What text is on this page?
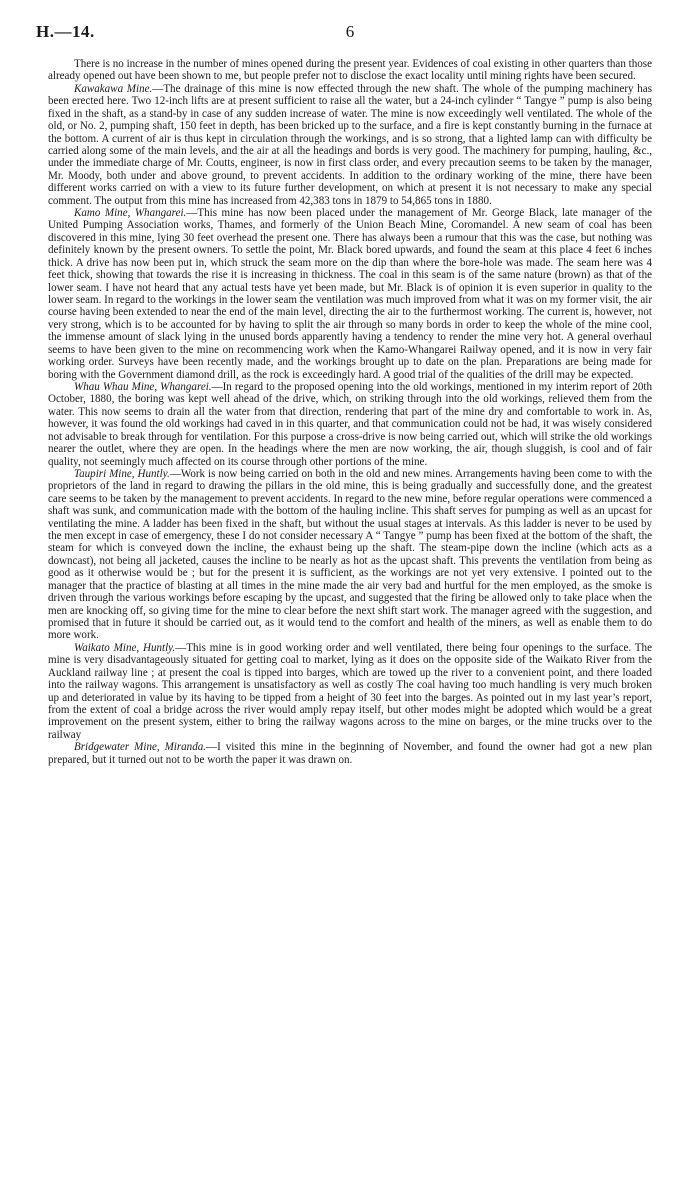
H.—14.	6

There is no increase in the number of mines opened during the present year. Evidences of coal existing in other quarters than those already opened out have been shown to me, but people prefer not to disclose the exact locality until mining rights have been secured.

Kawakawa Mine.—The drainage of this mine is now effected through the new shaft. The whole of the pumping machinery has been erected here. Two 12-inch lifts are at present sufficient to raise all the water, but a 24-inch cylinder “ Tangye ” pump is also being fixed in the shaft, as a stand-by in case of any sudden increase of water. The mine is now exceedingly well ventilated. The whole of the old, or No. 2, pumping shaft, 150 feet in depth, has been bricked up to the surface, and a fire is kept constantly burning in the furnace at the bottom. A current of air is thus kept in circulation through the workings, and is so strong, that a lighted lamp can with difficulty be carried along some of the main levels, and the air at all the headings and bords is very good. The machinery for pumping, hauling, &c., under the immediate charge of Mr. Coutts, engineer, is now in first class order, and every precaution seems to be taken by the manager, Mr. Moody, both under and above ground, to prevent accidents. In addition to the ordinary working of the mine, there have been different works carried on with a view to its future further development, on which at present it is not necessary to make any special comment. The output from this mine has increased from 42,383 tons in 1879 to 54,865 tons in 1880.

Kamo Mine, Whangarei.—This mine has now been placed under the management of Mr. George Black, late manager of the United Pumping Association works, Thames, and formerly of the Union Beach Mine, Coromandel. A new seam of coal has been discovered in this mine, lying 30 feet overhead the present one. There has always been a rumour that this was the case, but nothing was definitely known by the present owners. To settle the point, Mr. Black bored upwards, and found the seam at this place 4 feet 6 inches thick. A drive has now been put in, which struck the seam more on the dip than where the bore-hole was made. The seam here was 4 feet thick, showing that towards the rise it is increasing in thickness. The coal in this seam is of the same nature (brown) as that of the lower seam. I have not heard that any actual tests have yet been made, but Mr. Black is of opinion it is even superior in quality to the lower seam. In regard to the workings in the lower seam the ventilation was much improved from what it was on my former visit, the air course having been extended to near the end of the main level, directing the air to the furthermost working. The current is, however, not very strong, which is to be accounted for by having to split the air through so many bords in order to keep the whole of the mine cool, the immense amount of slack lying in the unused bords apparently having a tendency to render the mine very hot. A general overhaul seems to have been given to the mine on recommencing work when the Kamo-Whangarei Railway opened, and it is now in very fair working order. Surveys have been recently made, and the workings brought up to date on the plan. Preparations are being made for boring with the Government diamond drill, as the rock is exceedingly hard. A good trial of the qualities of the drill may be expected.

Whau Whau Mine, Whangarei.—In regard to the proposed opening into the old workings, mentioned in my interim report of 20th October, 1880, the boring was kept well ahead of the drive, which, on striking through into the old workings, relieved them from the water. This now seems to drain all the water from that direction, rendering that part of the mine dry and comfortable to work in. As, however, it was found the old workings had caved in in this quarter, and that communication could not be had, it was wisely considered not advisable to break through for ventilation. For this purpose a cross-drive is now being carried out, which will strike the old workings nearer the outlet, where they are open. In the headings where the men are now working, the air, though sluggish, is cool and of fair quality, not seemingly much affected on its course through other portions of the mine.

Taupiri Mine, Huntly.—Work is now being carried on both in the old and new mines. Arrangements having been come to with the proprietors of the land in regard to drawing the pillars in the old mine, this is being gradually and successfully done, and the greatest care seems to be taken by the management to prevent accidents. In regard to the new mine, before regular operations were commenced a shaft was sunk, and communication made with the bottom of the hauling incline. This shaft serves for pumping as well as an upcast for ventilating the mine. A ladder has been fixed in the shaft, but without the usual stages at intervals. As this ladder is never to be used by the men except in case of emergency, these I do not consider necessary A “ Tangye ” pump has been fixed at the bottom of the shaft, the steam for which is conveyed down the incline, the exhaust being up the shaft. The steam-pipe down the incline (which acts as a downcast), not being all jacketed, causes the incline to be nearly as hot as the upcast shaft. This prevents the ventilation from being as good as it otherwise would be ; but for the present it is sufficient, as the workings are not yet very extensive. I pointed out to the manager that the practice of blasting at all times in the mine made the air very bad and hurtful for the men employed, as the smoke is driven through the various workings before escaping by the upcast, and suggested that the firing be allowed only to take place when the men are knocking off, so giving time for the mine to clear before the next shift start work. The manager agreed with the suggestion, and promised that in future it should be carried out, as it would tend to the comfort and health of the miners, as well as enable them to do more work.

Waikato Mine, Huntly.—This mine is in good working order and well ventilated, there being four openings to the surface. The mine is very disadvantageously situated for getting coal to market, lying as it does on the opposite side of the Waikato River from the Auckland railway line ; at present the coal is tipped into barges, which are towed up the river to a convenient point, and there loaded into the railway wagons. This arrangement is unsatisfactory as well as costly The coal having too much handling is very much broken up and deteriorated in value by its having to be tipped from a height of 30 feet into the barges. As pointed out in my last year’s report, from the extent of coal a bridge across the river would amply repay itself, but other modes might be adopted which would be a great improvement on the present system, either to bring the railway wagons across to the mine on barges, or the mine trucks over to the railway

Bridgewater Mine, Miranda.—I visited this mine in the beginning of November, and found the owner had got a new plan prepared, but it turned out not to be worth the paper it was drawn on.
